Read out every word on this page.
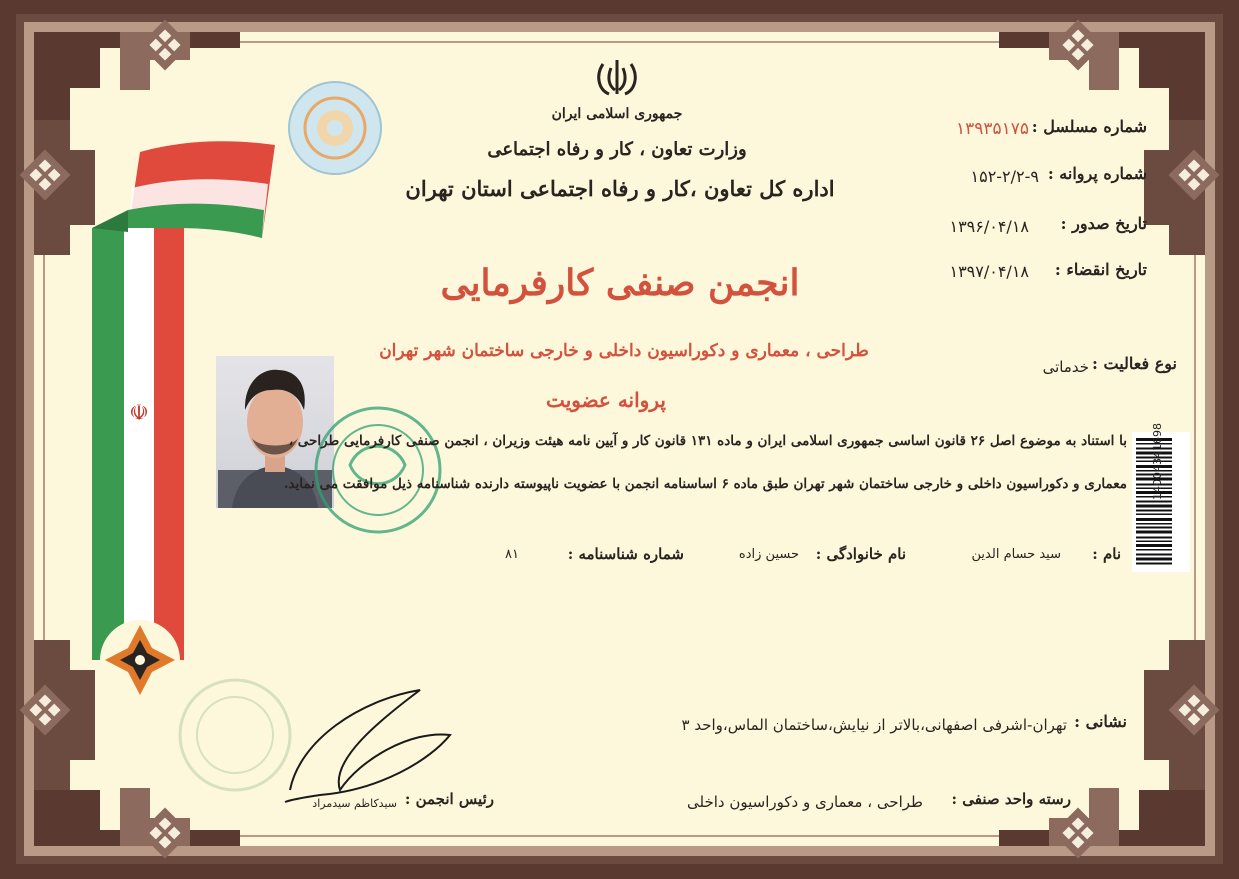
☫
جمهوری اسلامی ایران
وزارت تعاون ، کار و رفاه اجتماعی
اداره کل تعاون ،کار و رفاه اجتماعی استان تهران
انجمن صنفی کارفرمایی
طراحی ، معماری و دکوراسیون داخلی و خارجی ساختمان شهر تهران
پروانه عضویت
شماره مسلسل :
۱۳۹۳۵۱۷۵
شماره پروانه :
۱۵۲-۲/۲-۹
تاریخ صدور :
۱۳۹۶/۰۴/۱۸
تاریخ انقضاء :
۱۳۹۷/۰۴/۱۸
نوع فعالیت :
خدماتی
با استناد به موضوع اصل ۲۶ قانون اساسی جمهوری اسلامی ایران و ماده ۱۳۱ قانون کار و آیین نامه هیئت وزیران ، انجمن صنفی کارفرمایی طراحی ،
معماری و دکوراسیون داخلی و خارجی ساختمان شهر تهران طبق ماده ۶ اساسنامه انجمن با عضویت ناپیوسته دارنده شناسنامه ذیل موافقت می نماید.
نام :
سید حسام الدین
نام خانوادگی :
حسین زاده
شماره شناسنامه :
۸۱
نشانی :
تهران-اشرفی اصفهانی،بالاتر از نیایش،ساختمان الماس،واحد ۳
رسته واحد صنفی :
طراحی ، معماری و دکوراسیون داخلی
رئیس انجمن :
سیدکاظم سیدمراد
14004341698
